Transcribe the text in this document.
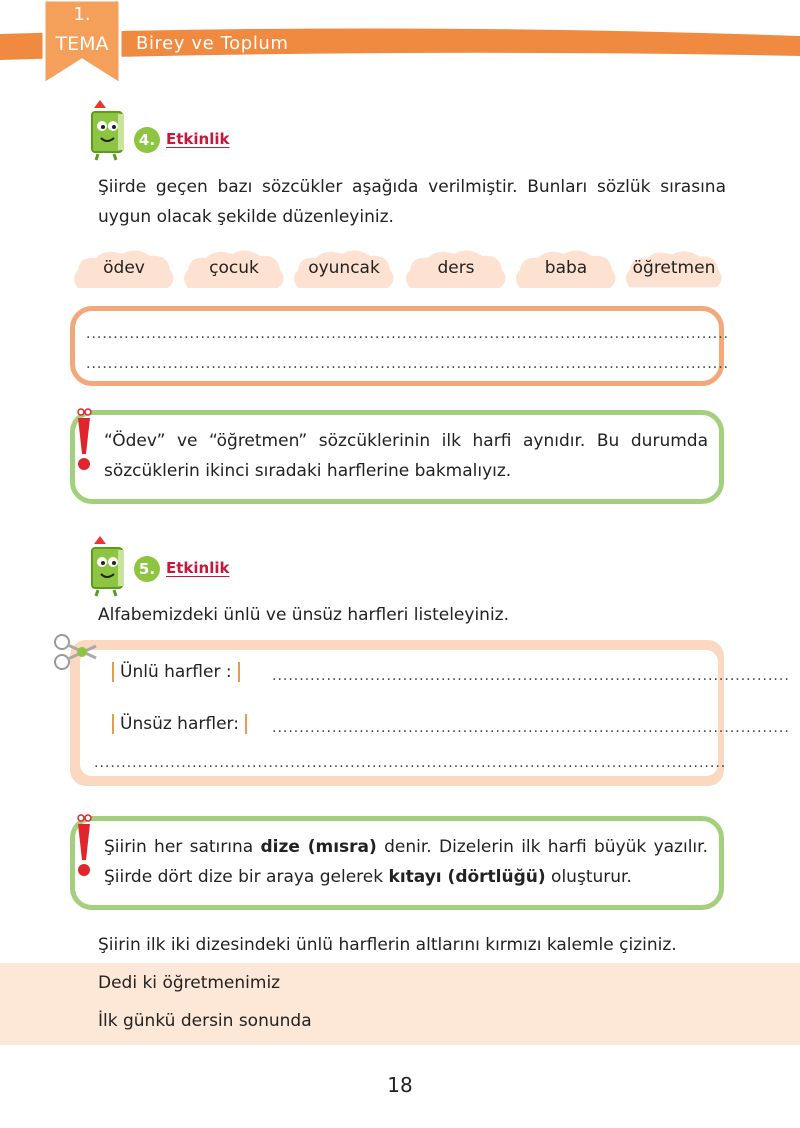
1.
TEMA	Birey ve Toplum
4. Etkinlik
Şiirde geçen bazı sözcükler aşağıda verilmiştir. Bunları sözlük sırasına uygun olacak şekilde düzenleyiniz.
ödev	çocuk	oyuncak	ders	baba	öğretmen
......................................................................................................................
......................................................................................................................
“Ödev” ve “öğretmen” sözcüklerinin ilk harfi aynıdır. Bu durumda sözcüklerin ikinci sıradaki harflerine bakmalıyız.
5. Etkinlik
Alfabemizdeki ünlü ve ünsüz harfleri listeleyiniz.
Ünlü harfler :	...............................................................................................
Ünsüz harfler:	...............................................................................................
....................................................................................................................
Şiirin her satırına dize (mısra) denir. Dizelerin ilk harfi büyük yazılır. Şiirde dört dize bir araya gelerek kıtayı (dörtlüğü) oluşturur.
Şiirin ilk iki dizesindeki ünlü harflerin altlarını kırmızı kalemle çiziniz.
Dedi ki öğretmenimiz
İlk günkü dersin sonunda
18
